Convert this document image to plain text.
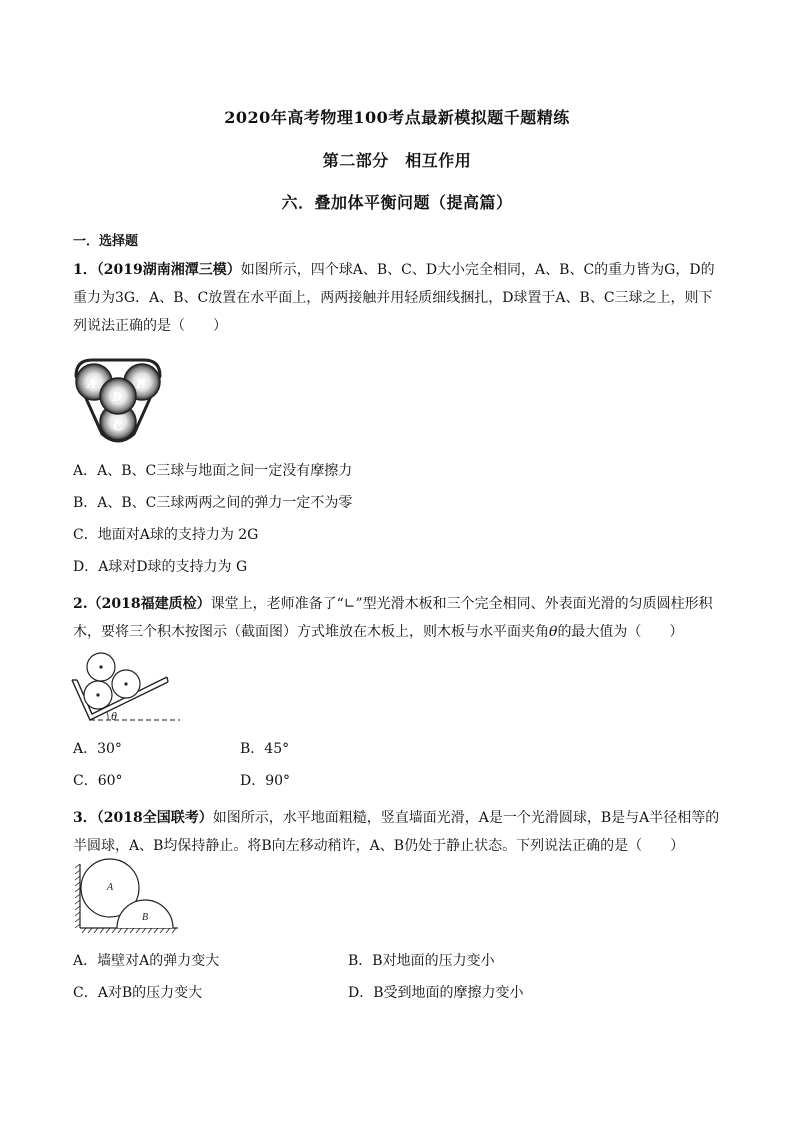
2020年高考物理100考点最新模拟题千题精练
第二部分　相互作用
六．叠加体平衡问题（提高篇）
一．选择题
1．（2019湖南湘潭三模）如图所示，四个球A、B、C、D大小完全相同，A、B、C的重力皆为G，D的重力为3G．A、B、C放置在水平面上，两两接触并用轻质细线捆扎，D球置于A、B、C三球之上，则下列说法正确的是（　　）
A	B
C
D
A．A、B、C三球与地面之间一定没有摩擦力
B．A、B、C三球两两之间的弹力一定不为零
C．地面对A球的支持力为 2G
D．A球对D球的支持力为 G
2.（2018福建质检）课堂上，老师准备了“∟”型光滑木板和三个完全相同、外表面光滑的匀质圆柱形积木，要将三个积木按图示（截面图）方式堆放在木板上，则木板与水平面夹角θ的最大值为（　　）
θ
A．30°	B．45°
C．60°	D．90°
3．（2018全国联考）如图所示，水平地面粗糙，竖直墙面光滑，A是一个光滑圆球，B是与A半径相等的半圆球，A、B均保持静止。将B向左移动稍许，A、B仍处于静止状态。下列说法正确的是（　　）
A
B
A．墙壁对A的弹力变大	B．B对地面的压力变小
C．A对B的压力变大	D．B受到地面的摩擦力变小
